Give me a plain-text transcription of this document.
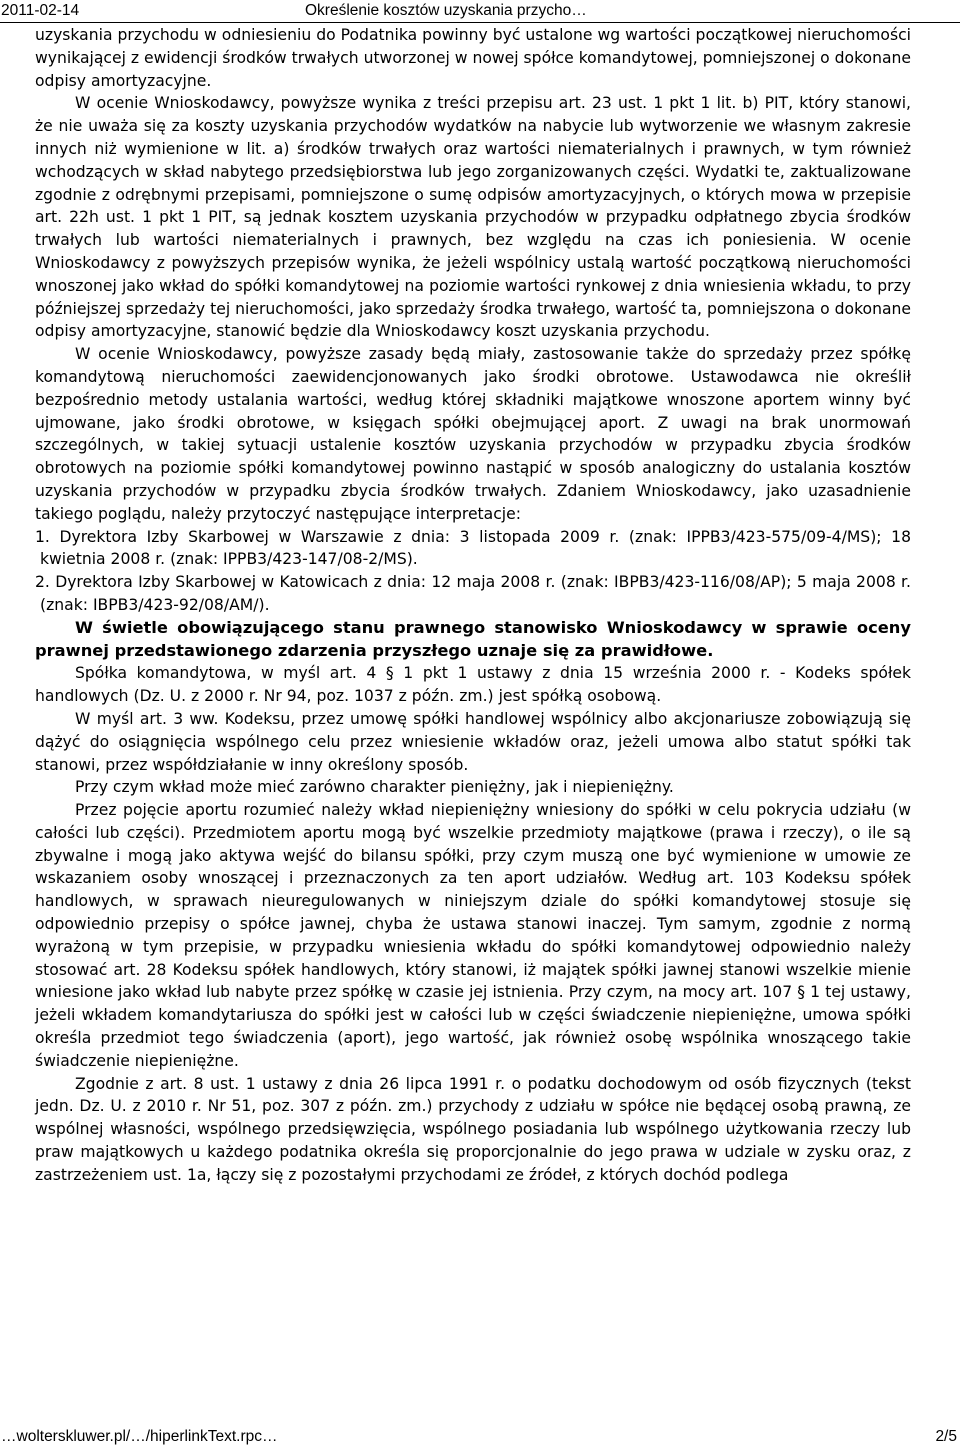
2011-02-14	Określenie kosztów uzyskania przycho…

uzyskania przychodu w odniesieniu do Podatnika powinny być ustalone wg wartości początkowej nieruchomości wynikającej z ewidencji środków trwałych utworzonej w nowej spółce komandytowej, pomniejszonej o dokonane odpisy amortyzacyjne.

W ocenie Wnioskodawcy, powyższe wynika z treści przepisu art. 23 ust. 1 pkt 1 lit. b) PIT, który stanowi, że nie uważa się za koszty uzyskania przychodów wydatków na nabycie lub wytworzenie we własnym zakresie innych niż wymienione w lit. a) środków trwałych oraz wartości niematerialnych i prawnych, w tym również wchodzących w skład nabytego przedsiębiorstwa lub jego zorganizowanych części. Wydatki te, zaktualizowane zgodnie z odrębnymi przepisami, pomniejszone o sumę odpisów amortyzacyjnych, o których mowa w przepisie art. 22h ust. 1 pkt 1 PIT, są jednak kosztem uzyskania przychodów w przypadku odpłatnego zbycia środków trwałych lub wartości niematerialnych i prawnych, bez względu na czas ich poniesienia. W ocenie Wnioskodawcy z powyższych przepisów wynika, że jeżeli wspólnicy ustalą wartość początkową nieruchomości wnoszonej jako wkład do spółki komandytowej na poziomie wartości rynkowej z dnia wniesienia wkładu, to przy późniejszej sprzedaży tej nieruchomości, jako sprzedaży środka trwałego, wartość ta, pomniejszona o dokonane odpisy amortyzacyjne, stanowić będzie dla Wnioskodawcy koszt uzyskania przychodu.

W ocenie Wnioskodawcy, powyższe zasady będą miały, zastosowanie także do sprzedaży przez spółkę komandytową nieruchomości zaewidencjonowanych jako środki obrotowe. Ustawodawca nie określił bezpośrednio metody ustalania wartości, według której składniki majątkowe wnoszone aportem winny być ujmowane, jako środki obrotowe, w księgach spółki obejmującej aport. Z uwagi na brak unormowań szczególnych, w takiej sytuacji ustalenie kosztów uzyskania przychodów w przypadku zbycia środków obrotowych na poziomie spółki komandytowej powinno nastąpić w sposób analogiczny do ustalania kosztów uzyskania przychodów w przypadku zbycia środków trwałych. Zdaniem Wnioskodawcy, jako uzasadnienie takiego poglądu, należy przytoczyć następujące interpretacje:

1. Dyrektora Izby Skarbowej w Warszawie z dnia: 3 listopada 2009 r. (znak: IPPB3/423-575/09-4/MS); 18 kwietnia 2008 r. (znak: IPPB3/423-147/08-2/MS).

2. Dyrektora Izby Skarbowej w Katowicach z dnia: 12 maja 2008 r. (znak: IBPB3/423-116/08/AP); 5 maja 2008 r. (znak: IBPB3/423-92/08/AM/).

W świetle obowiązującego stanu prawnego stanowisko Wnioskodawcy w sprawie oceny prawnej przedstawionego zdarzenia przyszłego uznaje się za prawidłowe.

Spółka komandytowa, w myśl art. 4 § 1 pkt 1 ustawy z dnia 15 września 2000 r. - Kodeks spółek handlowych (Dz. U. z 2000 r. Nr 94, poz. 1037 z późn. zm.) jest spółką osobową.

W myśl art. 3 ww. Kodeksu, przez umowę spółki handlowej wspólnicy albo akcjonariusze zobowiązują się dążyć do osiągnięcia wspólnego celu przez wniesienie wkładów oraz, jeżeli umowa albo statut spółki tak stanowi, przez współdziałanie w inny określony sposób.

Przy czym wkład może mieć zarówno charakter pieniężny, jak i niepieniężny.

Przez pojęcie aportu rozumieć należy wkład niepieniężny wniesiony do spółki w celu pokrycia udziału (w całości lub części). Przedmiotem aportu mogą być wszelkie przedmioty majątkowe (prawa i rzeczy), o ile są zbywalne i mogą jako aktywa wejść do bilansu spółki, przy czym muszą one być wymienione w umowie ze wskazaniem osoby wnoszącej i przeznaczonych za ten aport udziałów. Według art. 103 Kodeksu spółek handlowych, w sprawach nieuregulowanych w niniejszym dziale do spółki komandytowej stosuje się odpowiednio przepisy o spółce jawnej, chyba że ustawa stanowi inaczej. Tym samym, zgodnie z normą wyrażoną w tym przepisie, w przypadku wniesienia wkładu do spółki komandytowej odpowiednio należy stosować art. 28 Kodeksu spółek handlowych, który stanowi, iż majątek spółki jawnej stanowi wszelkie mienie wniesione jako wkład lub nabyte przez spółkę w czasie jej istnienia. Przy czym, na mocy art. 107 § 1 tej ustawy, jeżeli wkładem komandytariusza do spółki jest w całości lub w części świadczenie niepieniężne, umowa spółki określa przedmiot tego świadczenia (aport), jego wartość, jak również osobę wspólnika wnoszącego takie świadczenie niepieniężne.

Zgodnie z art. 8 ust. 1 ustawy z dnia 26 lipca 1991 r. o podatku dochodowym od osób fizycznych (tekst jedn. Dz. U. z 2010 r. Nr 51, poz. 307 z późn. zm.) przychody z udziału w spółce nie będącej osobą prawną, ze wspólnej własności, wspólnego przedsięwzięcia, wspólnego posiadania lub wspólnego użytkowania rzeczy lub praw majątkowych u każdego podatnika określa się proporcjonalnie do jego prawa w udziale w zysku oraz, z zastrzeżeniem ust. 1a, łączy się z pozostałymi przychodami ze źródeł, z których dochód podlega

…wolterskluwer.pl/…/hiperlinkText.rpc…	2/5
